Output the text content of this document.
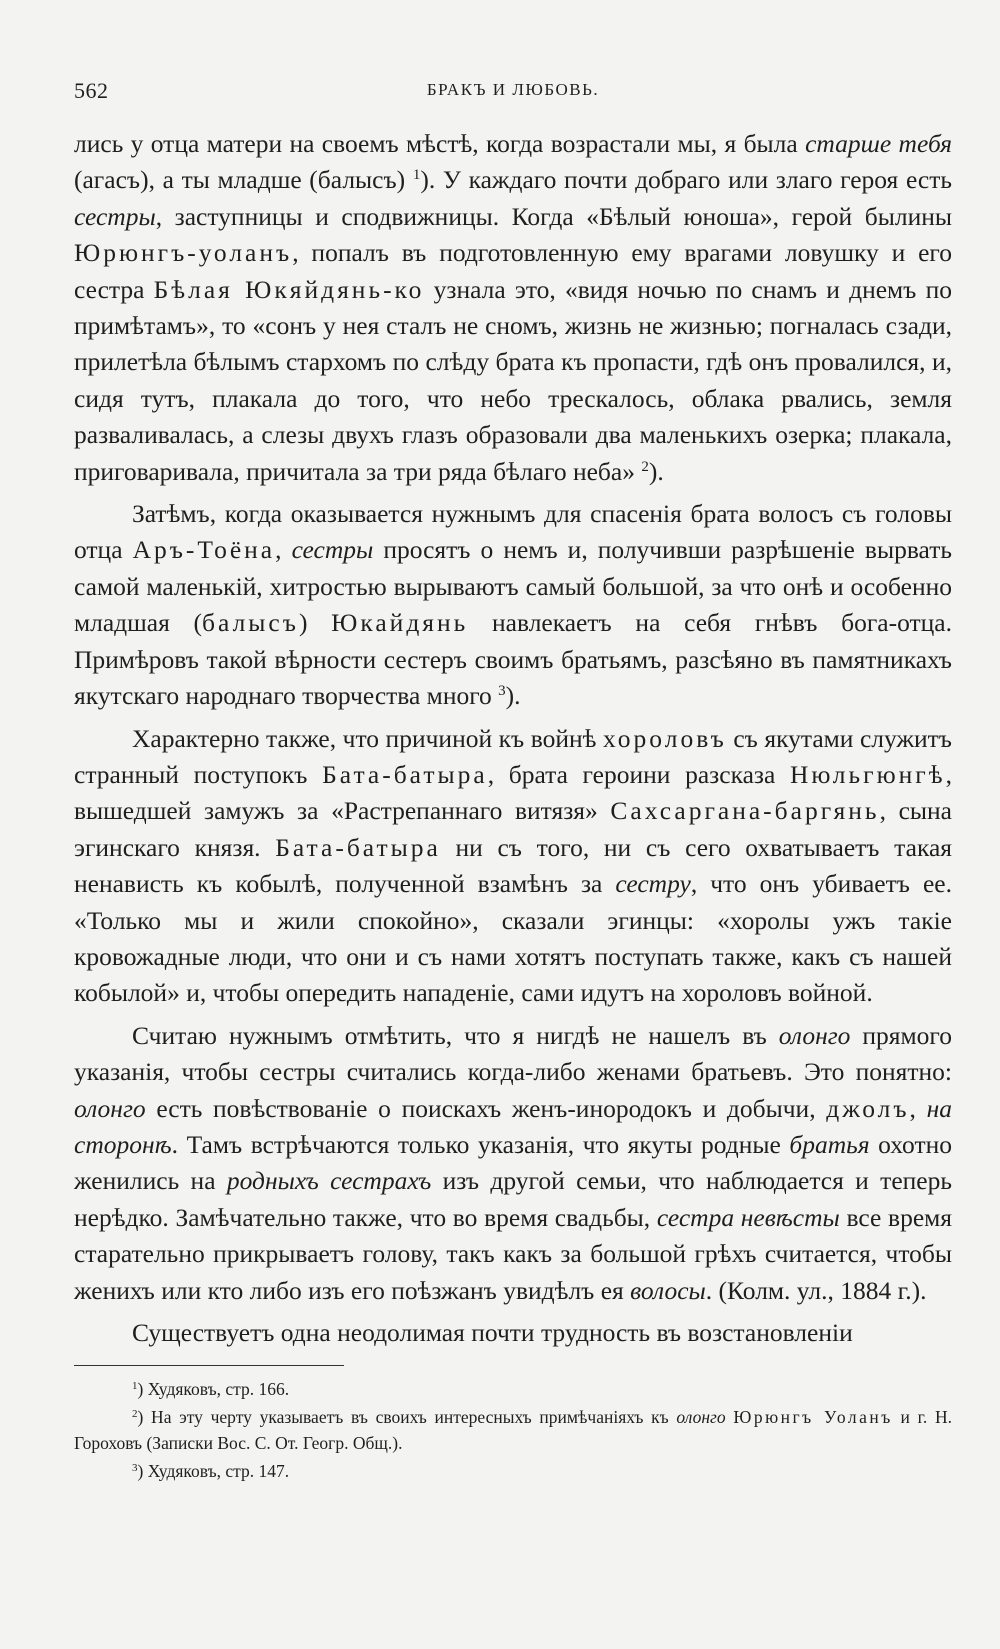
562	БРАКЪ И ЛЮБОВЬ.

лись у отца матери на своемъ мѣстѣ, когда возрастали мы, я была старше тебя (агасъ), а ты младше (балысъ) $^1$). У каждаго почти добраго или злаго героя есть сестры, заступницы и сподвижницы. Когда «Бѣлый юноша», герой былины Юрюнгъ-уоланъ, попалъ въ подготовленную ему врагами ловушку и его сестра Бѣлая Юкяйдянь-ко узнала это, «видя ночью по снамъ и днемъ по примѣтамъ», то «сонъ у нея сталъ не сномъ, жизнь не жизнью; погналась сзади, прилетѣла бѣлымъ стархомъ по слѣду брата къ пропасти, гдѣ онъ провалился, и, сидя тутъ, плакала до того, что небо трескалось, облака рвались, земля разваливалась, а слезы двухъ глазъ образовали два маленькихъ озерка; плакала, приговаривала, причитала за три ряда бѣлаго неба» $^2$).

Затѣмъ, когда оказывается нужнымъ для спасенія брата волосъ съ головы отца Аръ-Тоёна, сестры просятъ о немъ и, получивши разрѣшеніе вырвать самой маленькій, хитростью вырываютъ самый большой, за что онѣ и особенно младшая (балысъ) Юкайдянь навлекаетъ на себя гнѣвъ бога-отца. Примѣровъ такой вѣрности сестеръ своимъ братьямъ, разсѣяно въ памятникахъ якутскаго народнаго творчества много $^3$).

Характерно также, что причиной къ войнѣ хороловъ съ якутами служитъ странный поступокъ Бата-батыра, брата героини разсказа Нюльгюнгѣ, вышедшей замужъ за «Растрепаннаго витязя» Сахсаргана-баргянь, сына эгинскаго князя. Бата-батыра ни съ того, ни съ сего охватываетъ такая ненависть къ кобылѣ, полученной взамѣнъ за сестру, что онъ убиваетъ ее. «Только мы и жили спокойно», сказали эгинцы: «хоролы ужъ такіе кровожадные люди, что они и съ нами хотятъ поступать также, какъ съ нашей кобылой» и, чтобы опередить нападеніе, сами идутъ на хороловъ войной.

Считаю нужнымъ отмѣтить, что я нигдѣ не нашелъ въ олонго прямого указанія, чтобы сестры считались когда-либо женами братьевъ. Это понятно: олонго есть повѣствованіе о поискахъ женъ-инородокъ и добычи, джолъ, на сторонѣ. Тамъ встрѣчаются только указанія, что якуты родные братья охотно женились на родныхъ сестрахъ изъ другой семьи, что наблюдается и теперь нерѣдко. Замѣчательно также, что во время свадьбы, сестра невѣсты все время старательно прикрываетъ голову, такъ какъ за большой грѣхъ считается, чтобы женихъ или кто либо изъ его поѣзжанъ увидѣлъ ея волосы. (Колм. ул., 1884 г.).

Существуетъ одна неодолимая почти трудность въ возстановленіи

$^1$) Худяковъ, стр. 166.

$^2$) На эту черту указываетъ въ своихъ интересныхъ примѣчаніяхъ къ олонго Юрюнгъ Уоланъ и г. Н. Гороховъ (Записки Вос. С. От. Геогр. Общ.).

$^3$) Худяковъ, стр. 147.
